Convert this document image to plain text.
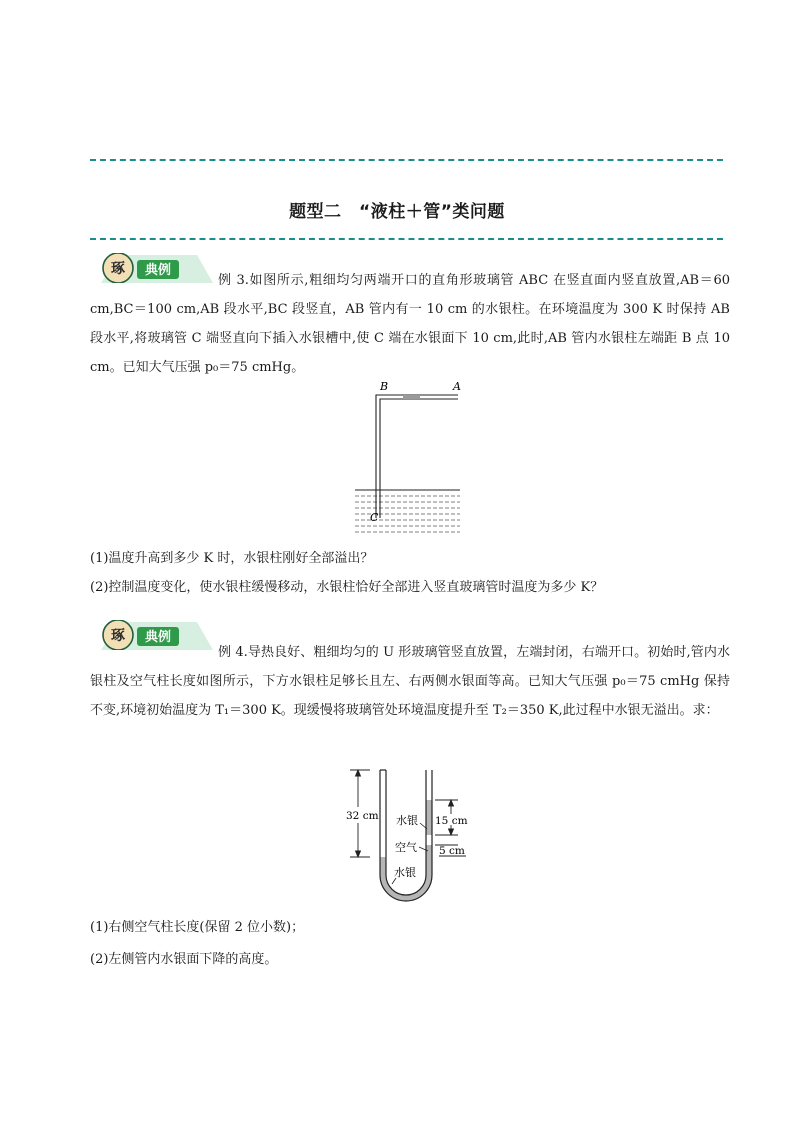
题型二　“液柱＋管”类问题
琢 典例

例 3.如图所示,粗细均匀两端开口的直角形玻璃管 ABC 在竖直面内竖直放置,AB＝60 cm,BC＝100 cm,AB 段水平,BC 段竖直，AB 管内有一 10 cm 的水银柱。在环境温度为 300 K 时保持 AB 段水平,将玻璃管 C 端竖直向下插入水银槽中,使 C 端在水银面下 10 cm,此时,AB 管内水银柱左端距 B 点 10 cm。已知大气压强 p₀＝75 cmHg。

B	A
C

(1)温度升高到多少 K 时，水银柱刚好全部溢出？

(2)控制温度变化，使水银柱缓慢移动，水银柱恰好全部进入竖直玻璃管时温度为多少 K？

琢 典例

例 4.导热良好、粗细均匀的 U 形玻璃管竖直放置，左端封闭，右端开口。初始时,管内水银柱及空气柱长度如图所示，下方水银柱足够长且左、右两侧水银面等高。已知大气压强 p₀＝75 cmHg 保持不变,环境初始温度为 T₁＝300 K。现缓慢将玻璃管处环境温度提升至 T₂＝350 K,此过程中水银无溢出。求：

32 cm	15 cm
5 cm
水银
空气
水银

(1)右侧空气柱长度(保留 2 位小数)；

(2)左侧管内水银面下降的高度。
